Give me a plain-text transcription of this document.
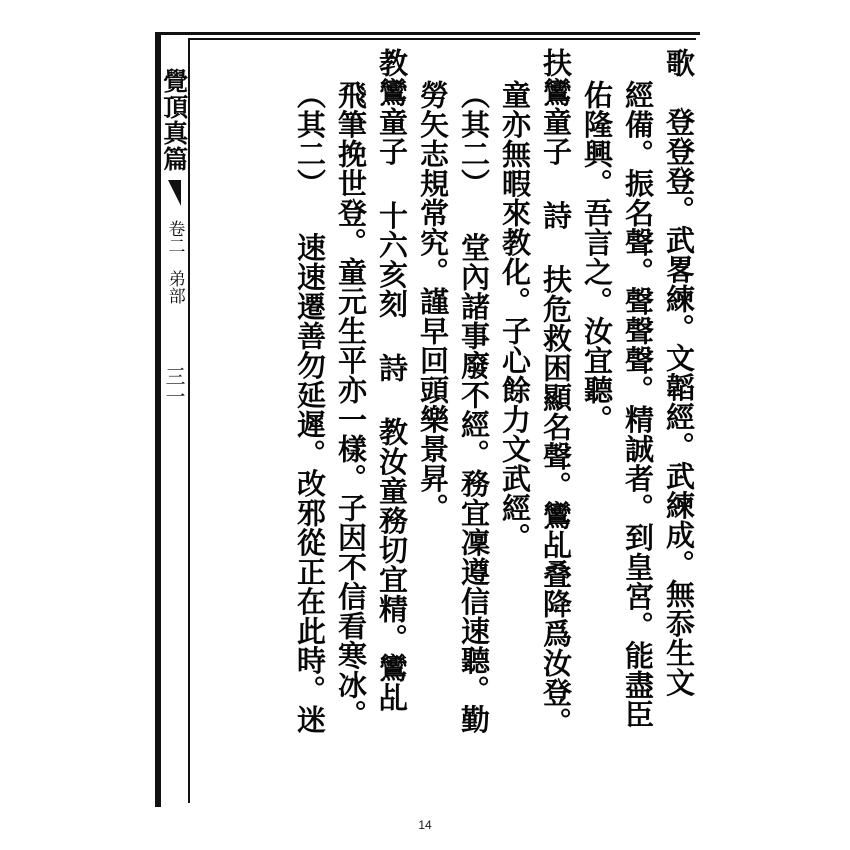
覺頂真篇
卷二
弟部
三一	歌　登登登。武畧練。文韜經。武練成。無忝生文
經備。振名聲。聲聲聲。精誠者。到皇宮。能盡臣
佑隆興。吾言之。汝宜聽。
扶鸞童子 詩 扶危救困顯名聲。鸞乩叠降爲汝登。
童亦無暇來教化。子心餘力文武經。
（其二） 堂內諸事廢不經。務宜凜遵信速聽。勤
勞矢志規常究。謹早回頭樂景昇。
教鸞童子 十六亥刻 詩 教汝童務切宜精。鸞乩
飛筆挽世登。童元生平亦一樣。子因不信看寒冰。
（其二） 速速遷善勿延遲。改邪從正在此時。迷
14
